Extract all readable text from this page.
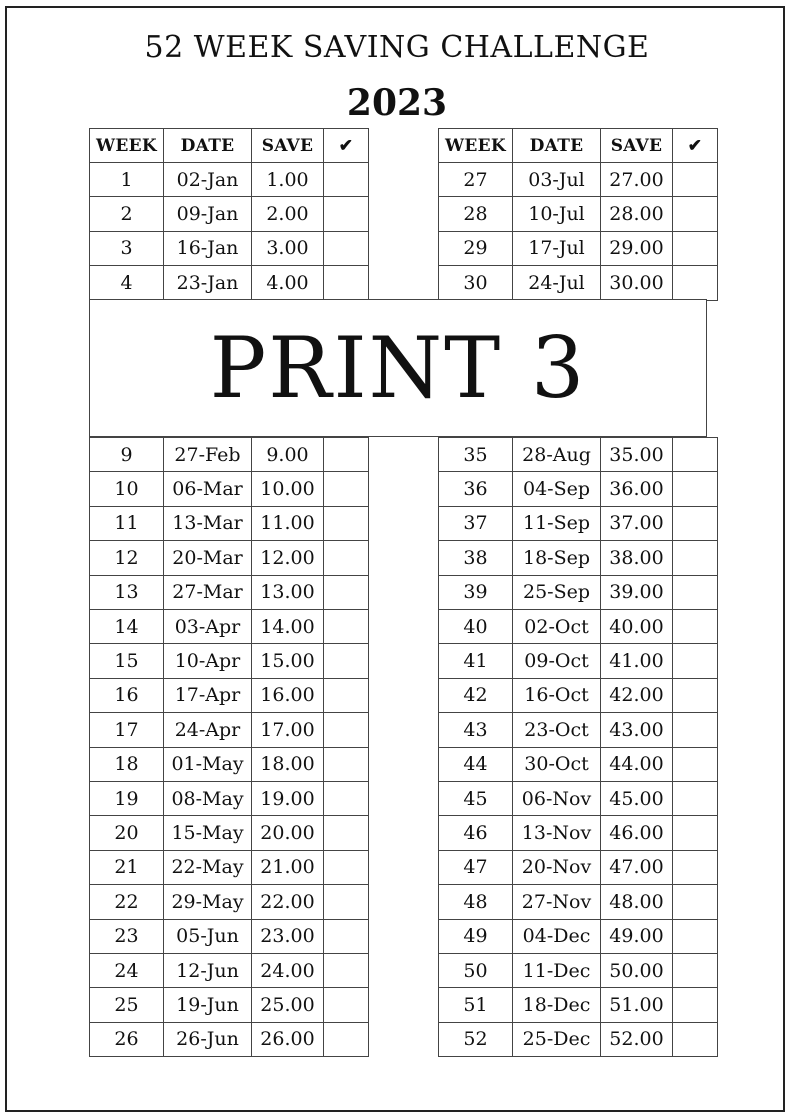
52 WEEK SAVING CHALLENGE
2023
WEEK	DATE	SAVE	✔
1	02-Jan	1.00
2	09-Jan	2.00
3	16-Jan	3.00
4	23-Jan	4.00
9	27-Feb	9.00
10	06-Mar 10.00
11	13-Mar 11.00
12	20-Mar 12.00
13	27-Mar 13.00
14	03-Apr	14.00
15	10-Apr	15.00
16	17-Apr	16.00
17	24-Apr	17.00
18	01-May 18.00
19	08-May 19.00
20	15-May 20.00
21	22-May 21.00
22	29-May 22.00
23	05-Jun	23.00
24	12-Jun	24.00
25	19-Jun	25.00
26	26-Jun	26.00
WEEK	DATE	SAVE	✔
27	03-Jul	27.00
28	10-Jul	28.00
29	17-Jul	29.00
30	24-Jul	30.00
35	28-Aug 35.00
36	04-Sep	36.00
37	11-Sep	37.00
38	18-Sep	38.00
39	25-Sep	39.00
40	02-Oct	40.00
41	09-Oct	41.00
42	16-Oct	42.00
43	23-Oct	43.00
44	30-Oct	44.00
45	06-Nov 45.00
46	13-Nov 46.00
47	20-Nov 47.00
48	27-Nov 48.00
49	04-Dec 49.00
50	11-Dec 50.00
51	18-Dec 51.00
52	25-Dec 52.00
PRINT 3
